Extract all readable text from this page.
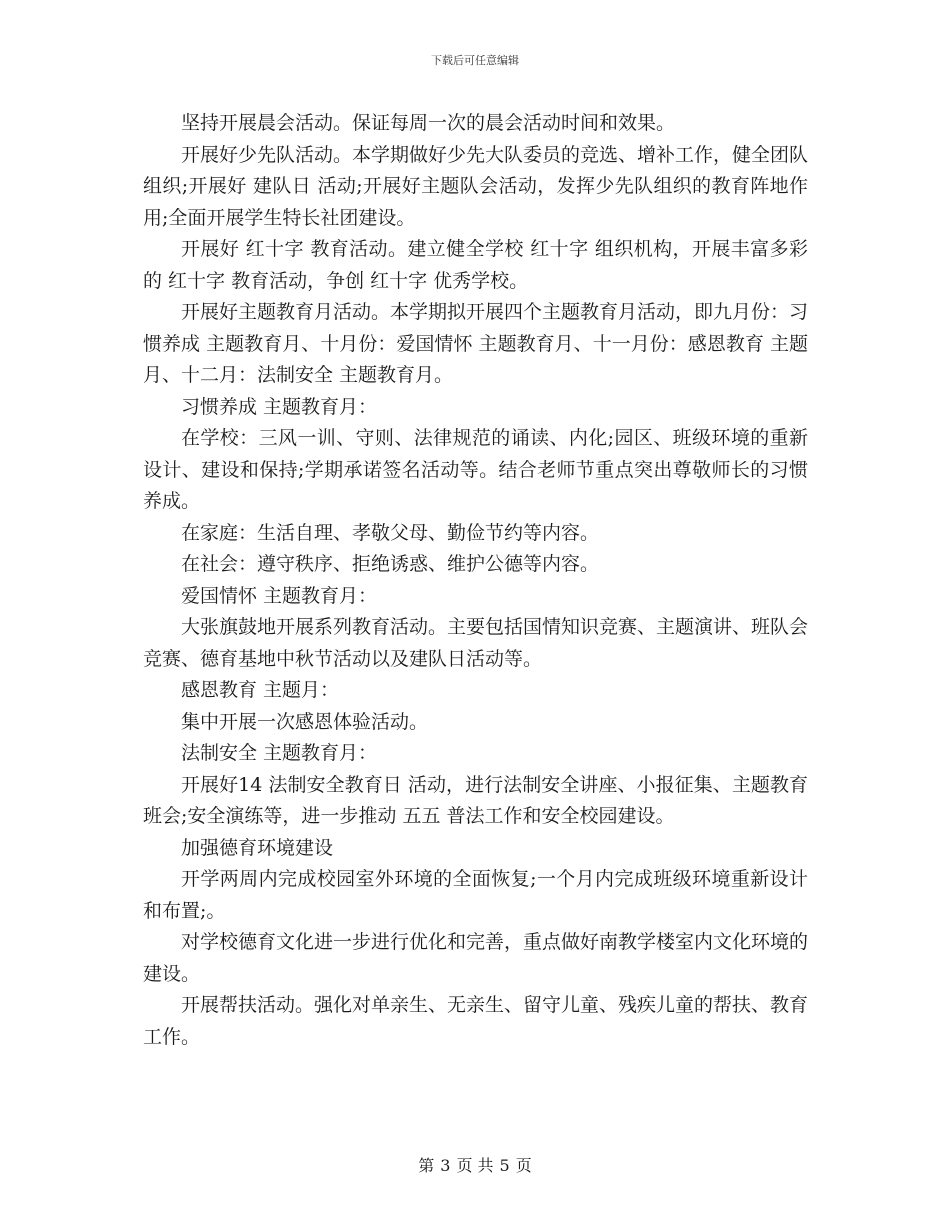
下载后可任意编辑

坚持开展晨会活动。保证每周一次的晨会活动时间和效果。

开展好少先队活动。本学期做好少先大队委员的竞选、增补工作，健全团队组织;开展好 建队日 活动;开展好主题队会活动，发挥少先队组织的教育阵地作用;全面开展学生特长社团建设。

开展好 红十字 教育活动。建立健全学校 红十字 组织机构，开展丰富多彩的 红十字 教育活动，争创 红十字 优秀学校。

开展好主题教育月活动。本学期拟开展四个主题教育月活动，即九月份：习惯养成 主题教育月、十月份：爱国情怀 主题教育月、十一月份：感恩教育 主题月、十二月：法制安全 主题教育月。

习惯养成 主题教育月：

在学校：三风一训、守则、法律规范的诵读、内化;园区、班级环境的重新设计、建设和保持;学期承诺签名活动等。结合老师节重点突出尊敬师长的习惯养成。

在家庭：生活自理、孝敬父母、勤俭节约等内容。

在社会：遵守秩序、拒绝诱惑、维护公德等内容。

爱国情怀 主题教育月：

大张旗鼓地开展系列教育活动。主要包括国情知识竞赛、主题演讲、班队会竞赛、德育基地中秋节活动以及建队日活动等。

感恩教育 主题月：

集中开展一次感恩体验活动。

法制安全 主题教育月：

开展好14 法制安全教育日 活动，进行法制安全讲座、小报征集、主题教育班会;安全演练等，进一步推动 五五 普法工作和安全校园建设。

加强德育环境建设

开学两周内完成校园室外环境的全面恢复;一个月内完成班级环境重新设计和布置;。

对学校德育文化进一步进行优化和完善，重点做好南教学楼室内文化环境的建设。

开展帮扶活动。强化对单亲生、无亲生、留守儿童、残疾儿童的帮扶、教育工作。

第 3 页 共 5 页
